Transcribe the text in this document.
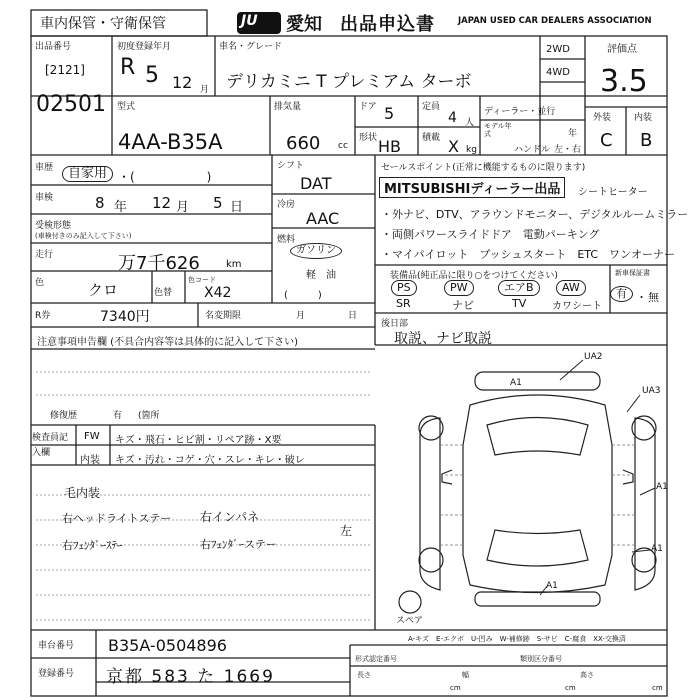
車内保管・守衛保管	JU 愛知 出品申込書	JAPAN USED CAR DEALERS ASSOCIATION
出品番号
[2121]
02501
初度登録年月
R 5 12 月
車名・グレード
デリカミニ T プレミアム ターボ
2WD
4WD
評価点
3.5
外装	内装
C B
型式
4AA-B35A
排気量
660 cc
ドア 5
形状 HB
定員
4 人
積載 X kg
ディーラー・並行
モデル年式	年
ハンドル 左・右
車歴	自家用 ・(　　　　　　)
車検	8 年 12 月 5 日
受検形態
(車検付きのみ記入して下さい)
走行	万7千626	km
色	クロ	色替
色コード
X42
R券	7340円	名変期限	月	日
シフト
DAT
冷房
AAC
燃料
ガソリン
軽　油
(　　　)
セールスポイント(正常に機能するものに限ります)
MITSUBISHIディーラー出品	シートヒーター
・外ナビ、DTV、アラウンドモニター、デジタルルームミラー
・両側パワースライドドア　電動パーキング
・マイパイロット　プッシュスタート　ETC　ワンオーナー
装備品(純正品に限り○をつけてください)	新車保証書
有 ・ 無
PS	PW	エアB	AW
SR	ナビ	TV	カワシート
後日部
取説、ナビ取説
注意事項申告欄 (不具合内容等は具体的に記入して下さい)
修復歴	有 (箇所
検査員記入欄
FW キズ・飛石・ヒビ割・リペア跡・X要
内装 キズ・汚れ・コゲ・穴・スレ・キレ・破レ
毛内装
右ヘッドライトステー 右インパネ
右ﾌｪﾝﾀﾞｰｽﾃｰ	右ﾌｪﾝﾀﾞｰステー
左
UA2
A1
UA3
A1
A1
A1
スペア
A-キズ　E-エクボ　U-凹み　W-補修跡　S-サビ　C-腐食　XX-交換済
車台番号 B35A-0504896
登録番号 京都 583 た 1669
形式認定番号	類別区分番号
長さ	幅	高さ
cm	cm	cm
